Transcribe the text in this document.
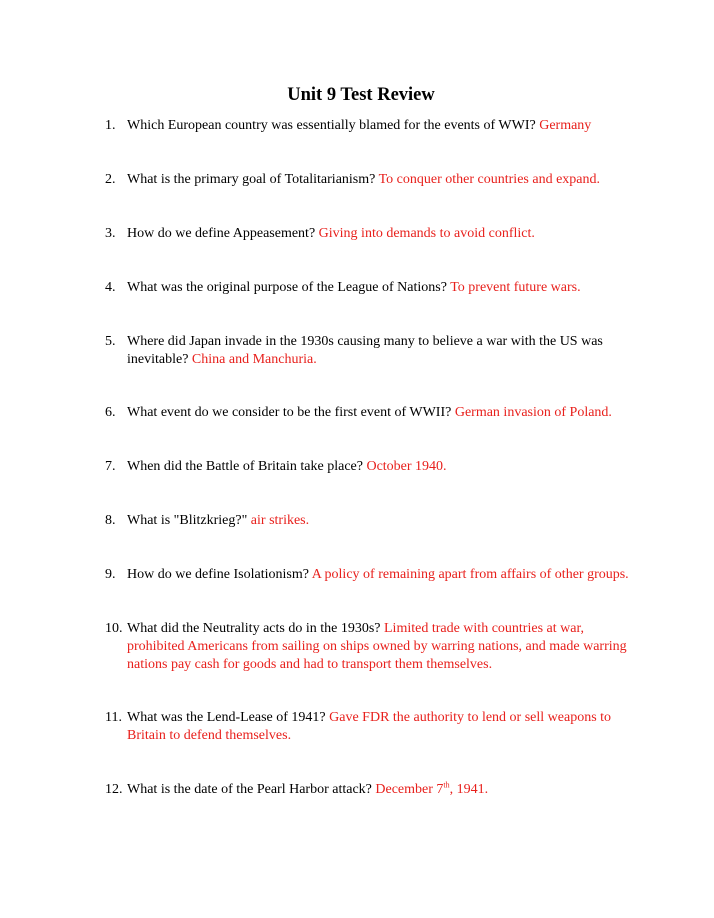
Unit 9 Test Review
1. Which European country was essentially blamed for the events of WWI? Germany
2. What is the primary goal of Totalitarianism? To conquer other countries and expand.
3. How do we define Appeasement? Giving into demands to avoid conflict.
4. What was the original purpose of the League of Nations? To prevent future wars.
5. Where did Japan invade in the 1930s causing many to believe a war with the US was inevitable? China and Manchuria.
6. What event do we consider to be the first event of WWII? German invasion of Poland.
7. When did the Battle of Britain take place? October 1940.
8. What is "Blitzkrieg?" air strikes.
9. How do we define Isolationism? A policy of remaining apart from affairs of other groups.
10. What did the Neutrality acts do in the 1930s? Limited trade with countries at war, prohibited Americans from sailing on ships owned by warring nations, and made warring nations pay cash for goods and had to transport them themselves.
11. What was the Lend-Lease of 1941? Gave FDR the authority to lend or sell weapons to Britain to defend themselves.
12. What is the date of the Pearl Harbor attack? December 7th, 1941.
